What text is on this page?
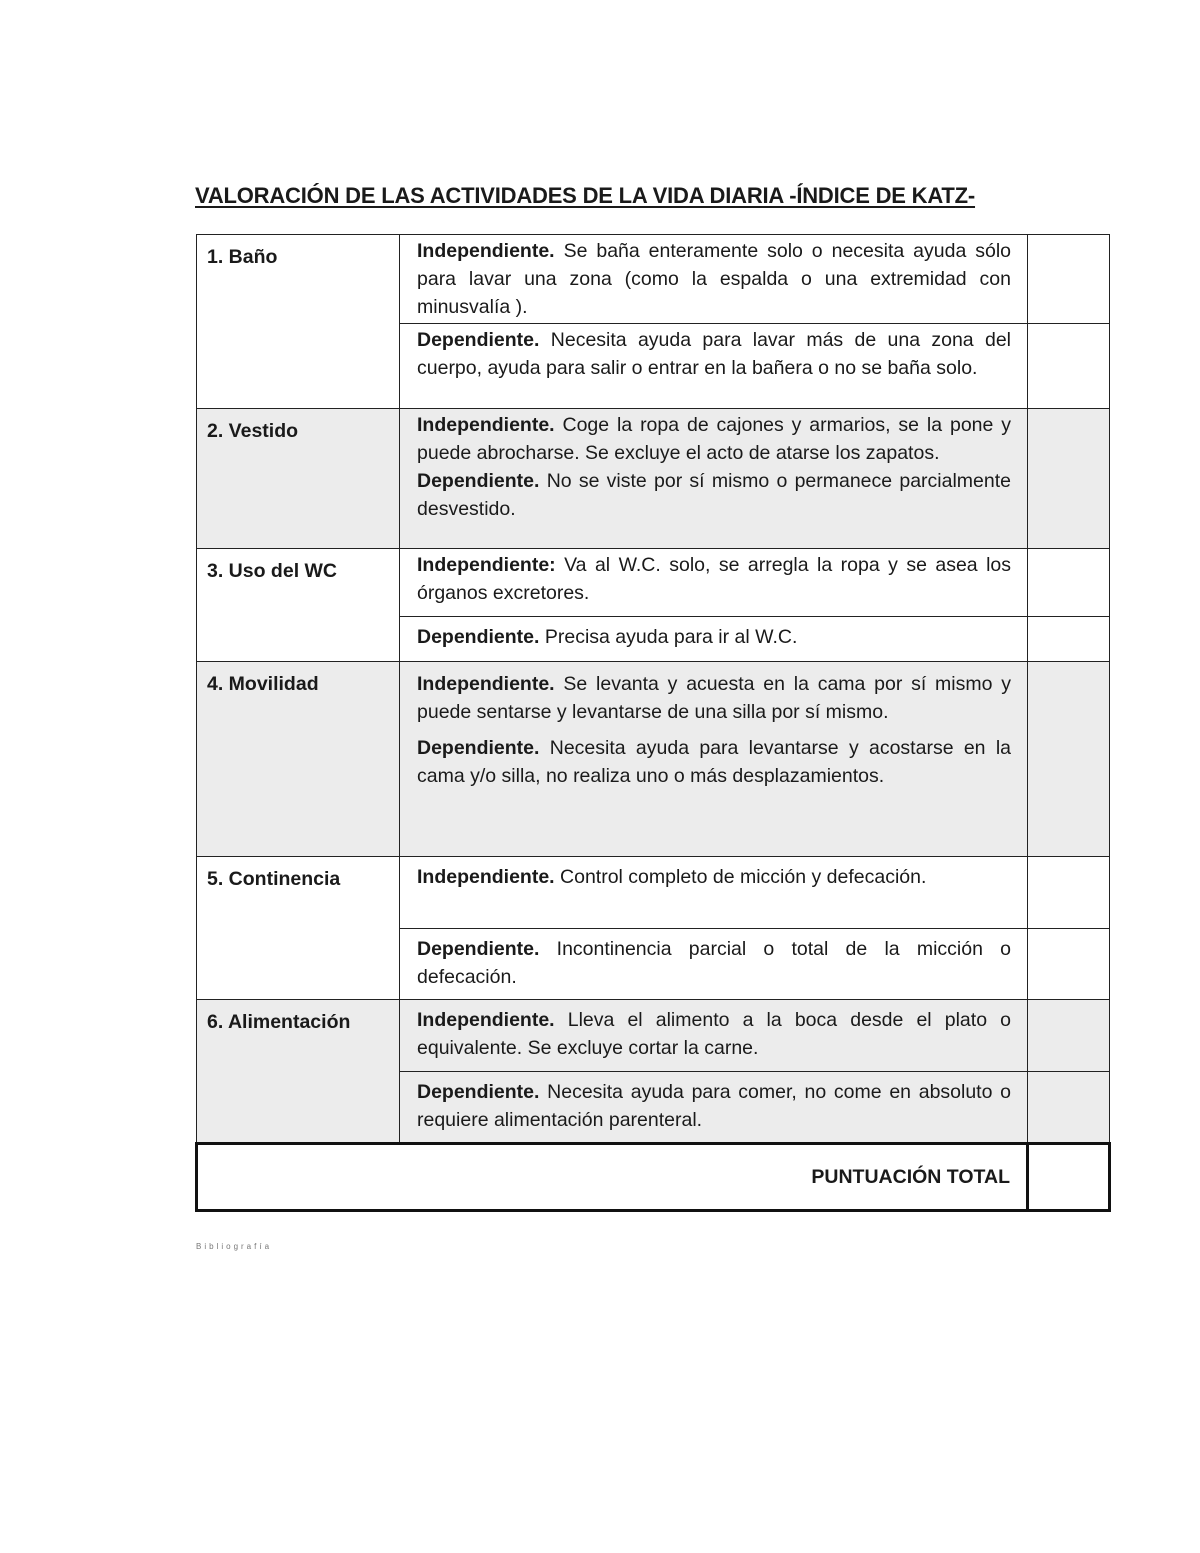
VALORACIÓN DE LAS ACTIVIDADES DE LA VIDA DIARIA -ÍNDICE DE KATZ-
1. Baño	Independiente. Se baña enteramente solo o necesita ayuda sólo para lavar una zona (como la espalda o una extremidad con minusvalía ).	
	Dependiente. Necesita ayuda para lavar más de una zona del cuerpo, ayuda para salir o entrar en la bañera o no se baña solo.	
2. Vestido	Independiente. Coge la ropa de cajones y armarios, se la pone y puede abrocharse. Se excluye el acto de atarse los zapatos.
Dependiente. No se viste por sí mismo o permanece parcialmente desvestido.	
3. Uso del WC	Independiente: Va al W.C. solo, se arregla la ropa y se asea los órganos excretores.	
	Dependiente. Precisa ayuda para ir al W.C.	
4. Movilidad	Independiente. Se levanta y acuesta en la cama por sí mismo y puede sentarse y levantarse de una silla por sí mismo.
Dependiente. Necesita ayuda para levantarse y acostarse en la cama y/o silla, no realiza uno o más desplazamientos.	
5. Continencia	Independiente. Control completo de micción y defecación.	
	Dependiente. Incontinencia parcial o total de la micción o defecación.	
6. Alimentación	Independiente. Lleva el alimento a la boca desde el plato o equivalente. Se excluye cortar la carne.	
	Dependiente. Necesita ayuda para comer, no come en absoluto o requiere alimentación parenteral.	
PUNTUACIÓN TOTAL		
Bibliografía
